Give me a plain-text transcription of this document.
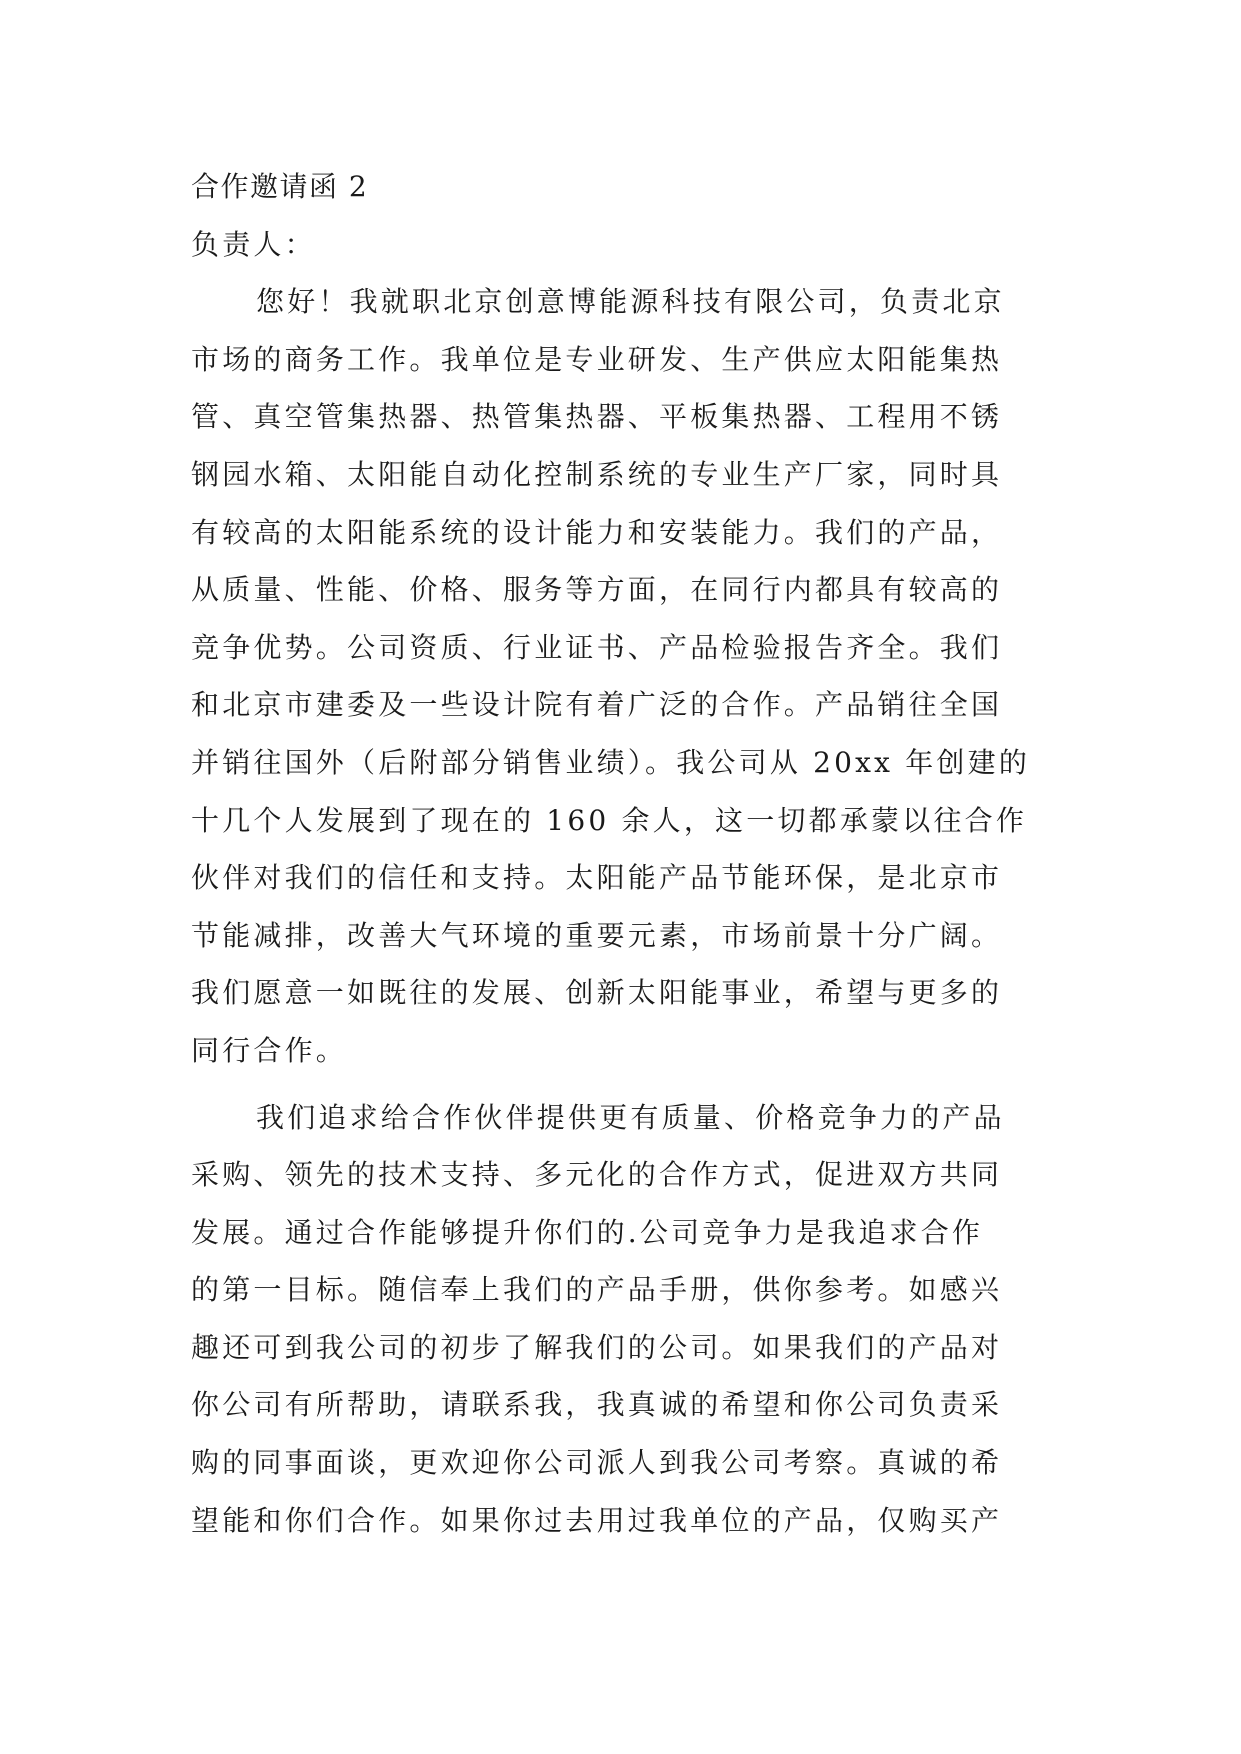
合作邀请函 2
负责人：
您好！我就职北京创意博能源科技有限公司，负责北京
市场的商务工作。我单位是专业研发、生产供应太阳能集热
管、真空管集热器、热管集热器、平板集热器、工程用不锈
钢园水箱、太阳能自动化控制系统的专业生产厂家，同时具
有较高的太阳能系统的设计能力和安装能力。我们的产品，
从质量、性能、价格、服务等方面，在同行内都具有较高的
竞争优势。公司资质、行业证书、产品检验报告齐全。我们
和北京市建委及一些设计院有着广泛的合作。产品销往全国
并销往国外（后附部分销售业绩）。我公司从 20xx 年创建的
十几个人发展到了现在的 160 余人，这一切都承蒙以往合作
伙伴对我们的信任和支持。太阳能产品节能环保，是北京市
节能减排，改善大气环境的重要元素，市场前景十分广阔。
我们愿意一如既往的发展、创新太阳能事业，希望与更多的
同行合作。
我们追求给合作伙伴提供更有质量、价格竞争力的产品
采购、领先的技术支持、多元化的合作方式，促进双方共同
发展。通过合作能够提升你们的.公司竞争力是我追求合作
的第一目标。随信奉上我们的产品手册，供你参考。如感兴
趣还可到我公司的初步了解我们的公司。如果我们的产品对
你公司有所帮助，请联系我，我真诚的希望和你公司负责采
购的同事面谈，更欢迎你公司派人到我公司考察。真诚的希
望能和你们合作。如果你过去用过我单位的产品，仅购买产
